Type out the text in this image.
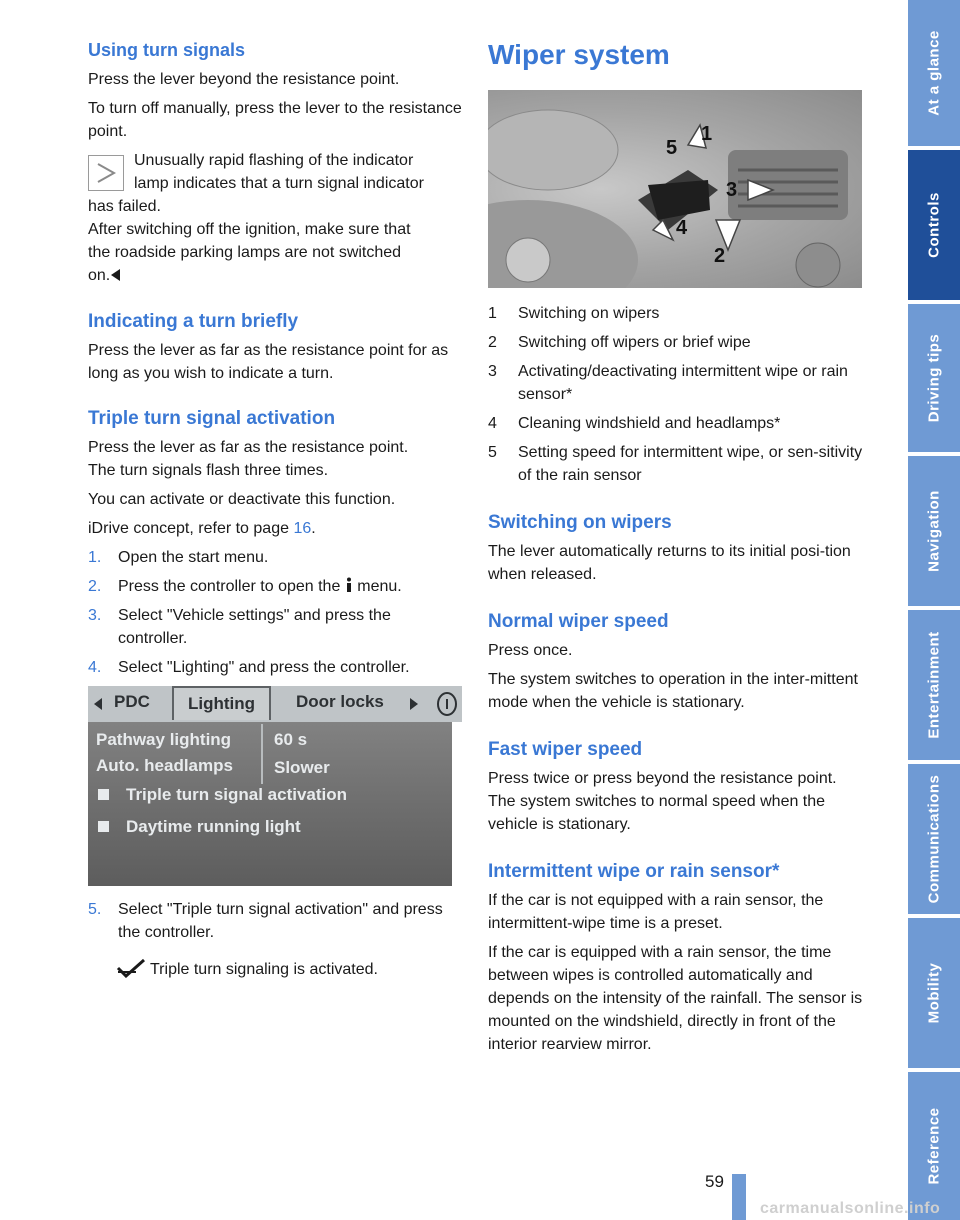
Using turn signals

Press the lever beyond the resistance point.

To turn off manually, press the lever to the resistance point.

Unusually rapid flashing of the indicator

lamp indicates that a turn signal indicator

has failed.

After switching off the ignition, make sure that

the roadside parking lamps are not switched

on.

Indicating a turn briefly

Press the lever as far as the resistance point for as long as you wish to indicate a turn.

Triple turn signal activation

Press the lever as far as the resistance point.

The turn signals flash three times.

You can activate or deactivate this function.

iDrive concept, refer to page 16.

1. Open the start menu.
2. Press the controller to open the  menu.
3. Select "Vehicle settings" and press the controller.
4. Select "Lighting" and press the controller.
PDC	Lighting	Door locks
Pathway lighting	60 s
Auto. headlamps Slower
Triple turn signal activation
Daytime running light
5. Select "Triple turn signal activation" and press the controller.
Triple turn signaling is activated.
Wiper system
1
2
3
4
5
1 Switching on wipers
2 Switching off wipers or brief wipe
3 Activating/deactivating intermittent wipe or rain sensor*
4 Cleaning windshield and headlamps*
5 Setting speed for intermittent wipe, or sen-sitivity of the rain sensor
Switching on wipers

The lever automatically returns to its initial posi-tion when released.

Normal wiper speed

Press once.

The system switches to operation in the inter-mittent mode when the vehicle is stationary.

Fast wiper speed

Press twice or press beyond the resistance point.

The system switches to normal speed when the vehicle is stationary.

Intermittent wipe or rain sensor*

If the car is not equipped with a rain sensor, the intermittent-wipe time is a preset.

If the car is equipped with a rain sensor, the time between wipes is controlled automatically and depends on the intensity of the rainfall. The sensor is mounted on the windshield, directly in front of the interior rearview mirror.

At a glance
Controls
Driving tips
Navigation
Entertainment
Communications
Mobility
Reference
59
carmanualsonline.info
